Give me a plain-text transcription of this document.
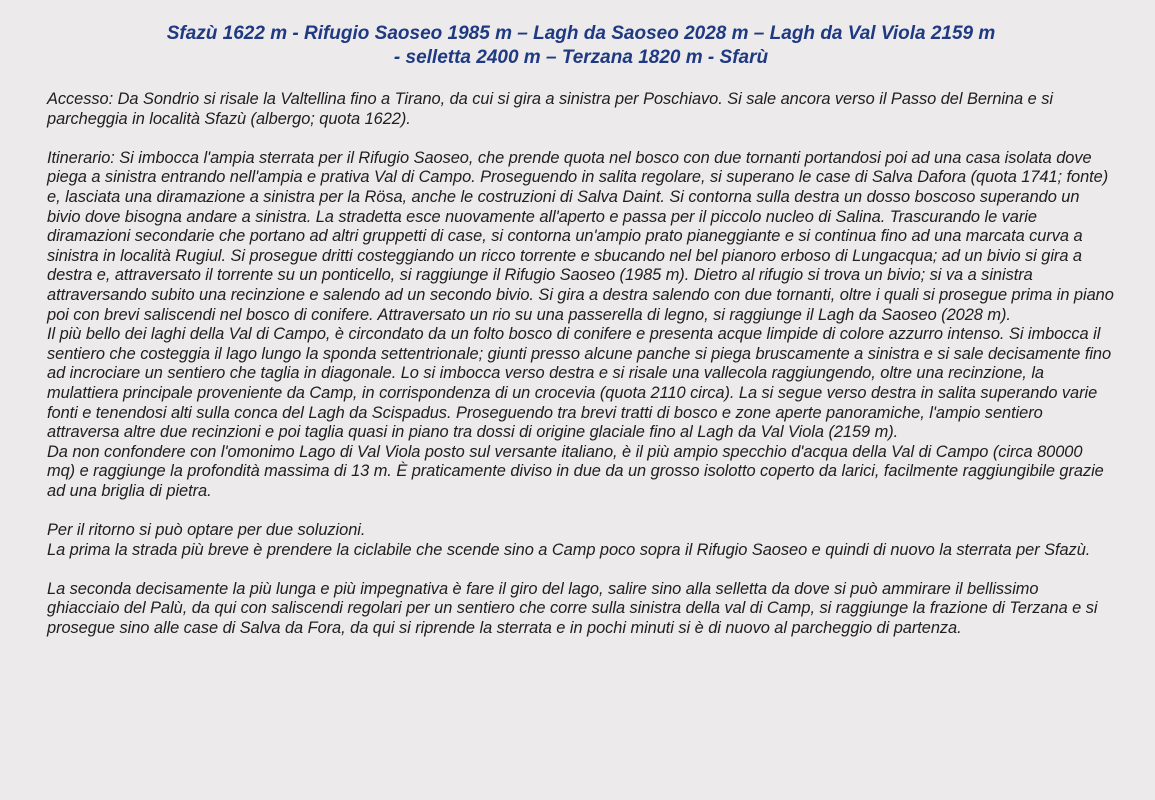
Sfazù 1622 m - Rifugio Saoseo 1985 m – Lagh da Saoseo 2028 m – Lagh da Val Viola 2159 m
- selletta 2400 m – Terzana 1820 m - Sfarù

Accesso: Da Sondrio si risale la Valtellina fino a Tirano, da cui si gira a sinistra per Poschiavo. Si sale ancora verso il Passo del Bernina e si parcheggia in località Sfazù (albergo; quota 1622).

Itinerario: Si imbocca l'ampia sterrata per il Rifugio Saoseo, che prende quota nel bosco con due tornanti portandosi poi ad una casa isolata dove piega a sinistra entrando nell'ampia e prativa Val di Campo. Proseguendo in salita regolare, si superano le case di Salva Dafora (quota 1741; fonte) e, lasciata una diramazione a sinistra per la Rösa, anche le costruzioni di Salva Daint. Si contorna sulla destra un dosso boscoso superando un bivio dove bisogna andare a sinistra. La stradetta esce nuovamente all'aperto e passa per il piccolo nucleo di Salina. Trascurando le varie diramazioni secondarie che portano ad altri gruppetti di case, si contorna un'ampio prato pianeggiante e si continua fino ad una marcata curva a sinistra in località Rugiul. Si prosegue dritti costeggiando un ricco torrente e sbucando nel bel pianoro erboso di Lungacqua; ad un bivio si gira a destra e, attraversato il torrente su un ponticello, si raggiunge il Rifugio Saoseo (1985 m). Dietro al rifugio si trova un bivio; si va a sinistra attraversando subito una recinzione e salendo ad un secondo bivio. Si gira a destra salendo con due tornanti, oltre i quali si prosegue prima in piano poi con brevi saliscendi nel bosco di conifere. Attraversato un rio su una passerella di legno, si raggiunge il Lagh da Saoseo (2028 m).

Il più bello dei laghi della Val di Campo, è circondato da un folto bosco di conifere e presenta acque limpide di colore azzurro intenso. Si imbocca il sentiero che costeggia il lago lungo la sponda settentrionale; giunti presso alcune panche si piega bruscamente a sinistra e si sale decisamente fino ad incrociare un sentiero che taglia in diagonale. Lo si imbocca verso destra e si risale una vallecola raggiungendo, oltre una recinzione, la mulattiera principale proveniente da Camp, in corrispondenza di un crocevia (quota 2110 circa). La si segue verso destra in salita superando varie fonti e tenendosi alti sulla conca del Lagh da Scispadus. Proseguendo tra brevi tratti di bosco e zone aperte panoramiche, l'ampio sentiero attraversa altre due recinzioni e poi taglia quasi in piano tra dossi di origine glaciale fino al Lagh da Val Viola (2159 m).

Da non confondere con l'omonimo Lago di Val Viola posto sul versante italiano, è il più ampio specchio d'acqua della Val di Campo (circa 80000 mq) e raggiunge la profondità massima di 13 m. È praticamente diviso in due da un grosso isolotto coperto da larici, facilmente raggiungibile grazie ad una briglia di pietra.

Per il ritorno si può optare per due soluzioni.

La prima la strada più breve è prendere la ciclabile che scende sino a Camp poco sopra il Rifugio Saoseo e quindi di nuovo la sterrata per Sfazù.

La seconda decisamente la più lunga e più impegnativa è fare il giro del lago, salire sino alla selletta da dove si può ammirare il bellissimo ghiacciaio del Palù, da qui con saliscendi regolari per un sentiero che corre sulla sinistra della val di Camp, si raggiunge la frazione di Terzana e si prosegue sino alle case di Salva da Fora, da qui si riprende la sterrata e in pochi minuti si è di nuovo al parcheggio di partenza.
